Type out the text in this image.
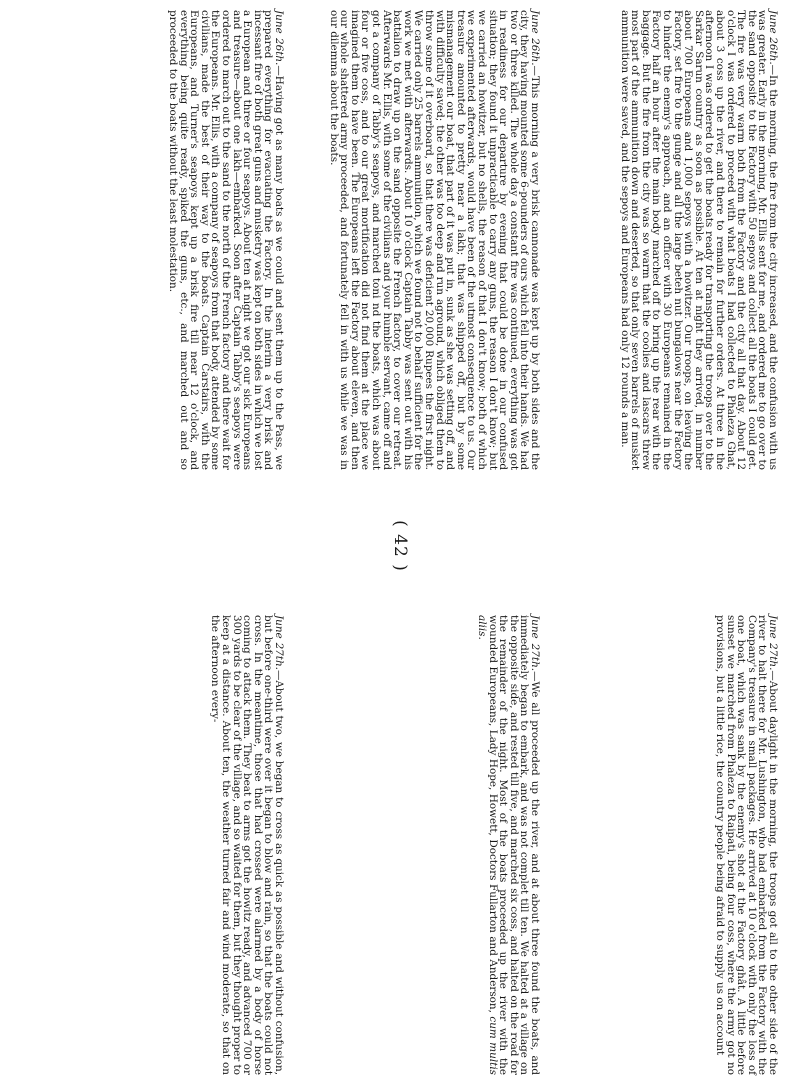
( 42 )

June 26th.—In the morning, the fire from the city increased, and the confusion with us was greater. Early in the morning, Mr. Ellis sent for me, and ordered me to go over to the sand opposite to the Factory with 50 sepoys and collect all the boats I could get. The fire was very warm both from the Factory and the city all that day. About 12 o'clock I was ordered to proceed with what boats I had collected to Phaleza Ghat, about 3 coss up the river, and there to remain for further orders. At three in the afternoon I was ordered to get the boats ready for transporting the troops over to the Sarkar Sarun country as soon as possible. At ten at night they arrived, in number about 700 Europeans and 1,000 sepoys with a howitzer. Our troops, on leaving the Factory, set fire to the gunge and all the large beteh nut bungalows near the Factory to hinder the enemy's approach, and an officer with 30 Europeans remained in the Factory half an hour after the main body marched off to bring up the rear with the baggage. But the fire from the city was so warm that the coolies and lascars threw most part of the ammunition down and deserted, so that only seven barrels of musket ammunition were saved, and the sepoys and Europeans had only 12 rounds a man.

June 26th.—This morning a very brisk cannonade was kept up by both sides and the city, they having mounted some 6-pounders of ours which fell into their hands. We had two or three killed. The whole day a constant fire was continued, everything was got in readiness for our departure by evening that could be done in our confused situation; they found it unpracticable to carry any guns, the reason I don't know; but we carried an howitzer, but no shells, the reason of that I don't know; both of which we experimented afterwards, would have been of the utmost consequence to us. Our treasure amounted to pretty near a lakh; that was shipped off, but by some mismanagement our boat, that part of it was put in, sunk as she was setting off, and with difficulty saved; the other was too deep and run aground, which obliged them to throw some of it overboard, so that there was deficient 20,000 Rupees the first night. We carried only 25 barrels ammunition, which we found not to behalf sufficient for the work we met with afterwards. About 10 o'clock Captain Tabby was sent out with his battalion to draw up on the sand opposite the French factory, to cover our retreat. Afterwards Mr. Ellis, with some of the civilians and your humble servant, came off and got a company of Tabby's seapoys, and marched toni nd the boats, which was about four or five coss, and to our great mortification did not find them at the place we imagined them to have been. The Europeans left the Factory about eleven, and then our whole shattered army proceeded, and fortunately fell in with us while we was in our dilemma about the boats.

June 27th.—About daylight in the morning, the troops got all to the other side of the river to halt there for Mr. Lushington, who had embarked from the Factory with the Company's treasure in small packages. He arrived at 10 o'clock with only the loss of one boat, which was sank by the enemy's shot at the Factory ghât. A little before sunset we marched from Phaleza to Raipati, being four coss, where the army got no provisions, but a little rice, the country people being afraid to supply us on account

June 27th.—We all proceeded up the river, and at about three found the boats, and immediately began to embark, and was not complet till ten. We halted at a village on the opposite side, and rested till five, and marched six coss, and halted on the road for the remainder of the night. Most of the boats proceeded up the river with the wounded Europeans, Lady Hope, Howett, Doctors Fullarton and Anderson, cum multis aliis.

June 26th.—Having got as many boats as we could and sent them up to the Pass, we prepared everything for evacuating the Factory. In the interim a very brisk and incessant fire of both great guns and musketry was kept on both sides in which we lost a European and three or four seapoys. About ten at night we got our sick Europeans and treasure—about one lakh—embarked. Soon after Captain Tabby's seapoys were ordered to march out to the sand to the north of the French factory and there wait for the Europeans. Mr. Ellis, with a company of seapoys from that body, attended by some civilians, made the best of their way to the boats. Captain Carstairs, with the Europeans, and Turner's seapoys kept up a brisk fire till near 12 o'clock, and everything being quite ready, spiked the guns, etc., and marched out and so proceeded to the boats without the least molestation.

June 27th.—About two, we began to cross as quick as possible and without confusion, but before one-third were over it began to blow and rain, so that the boats could not cross. In the meantime, those that had crossed were alarmed by a body of horse coming to attack them. They beat to arms got the howitz ready, and advanced 700 or 300 yards to be clear of the village, and so waited for them, but they thought proper to keep at a distance. About ten, the weather turned fair and wind moderate, so that on the afternoon every-
